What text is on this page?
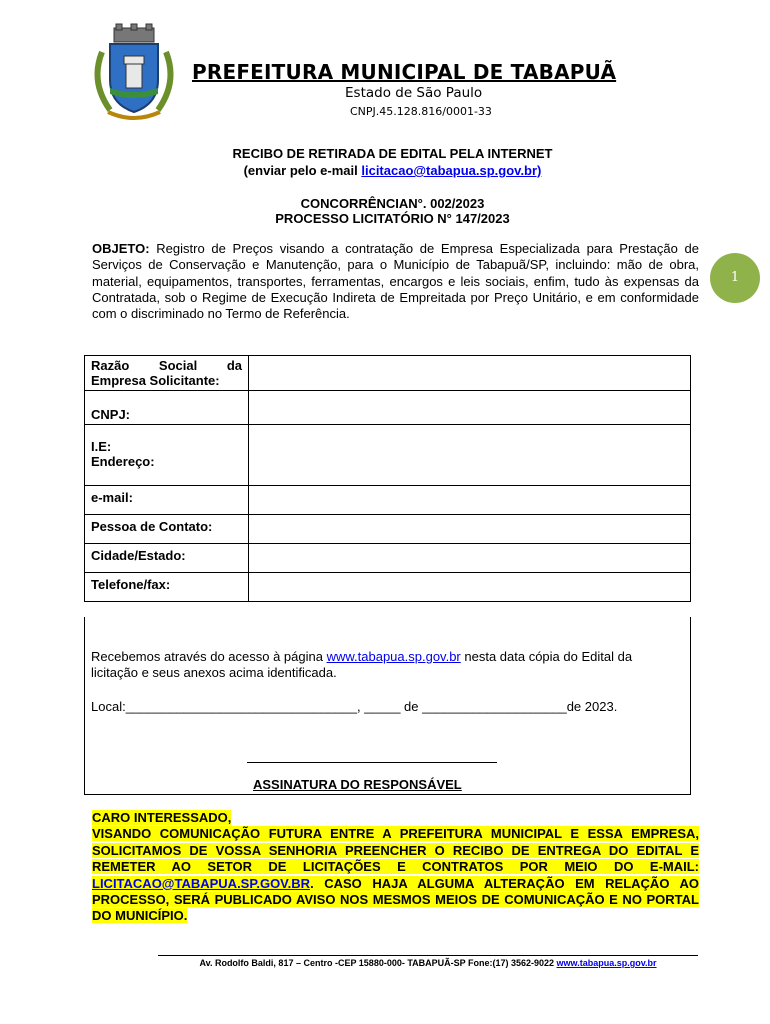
PREFEITURA MUNICIPAL DE TABAPUÃ
Estado de São Paulo
CNPJ.45.128.816/0001-33
RECIBO DE RETIRADA DE EDITAL PELA INTERNET
(enviar pelo e-mail licitacao@tabapua.sp.gov.br)
CONCORRÊNCIAN°. 002/2023
PROCESSO LICITATÓRIO N° 147/2023
OBJETO: Registro de Preços visando a contratação de Empresa Especializada para Prestação de Serviços de Conservação e Manutenção, para o Município de Tabapuã/SP, incluindo: mão de obra, material, equipamentos, transportes, ferramentas, encargos e leis sociais, enfim, tudo às expensas da Contratada, sob o Regime de Execução Indireta de Empreitada por Preço Unitário, e em conformidade com o discriminado no Termo de Referência.
1
Razão Social da
Empresa Solicitante:	

CNPJ:	

I.E:
Endereço:	

e-mail:	
Pessoa de Contato:	
Cidade/Estado:	
Telefone/fax:	
Recebemos através do acesso à página www.tabapua.sp.gov.br nesta data cópia do Edital da licitação e seus anexos acima identificada.
Local:________________________________, _____ de ____________________de 2023.
ASSINATURA DO RESPONSÁVEL
CARO INTERESSADO,
VISANDO COMUNICAÇÃO FUTURA ENTRE A PREFEITURA MUNICIPAL E ESSA EMPRESA, SOLICITAMOS DE VOSSA SENHORIA PREENCHER O RECIBO DE ENTREGA DO EDITAL E REMETER AO SETOR DE LICITAÇÕES E CONTRATOS POR MEIO DO E-MAIL: LICITACAO@TABAPUA.SP.GOV.BR. CASO HAJA ALGUMA ALTERAÇÃO EM RELAÇÃO AO PROCESSO, SERÁ PUBLICADO AVISO NOS MESMOS MEIOS DE COMUNICAÇÃO E NO PORTAL DO MUNICÍPIO.
Av. Rodolfo Baldi, 817 – Centro -CEP 15880-000- TABAPUÃ-SP Fone:(17) 3562-9022 www.tabapua.sp.gov.br
